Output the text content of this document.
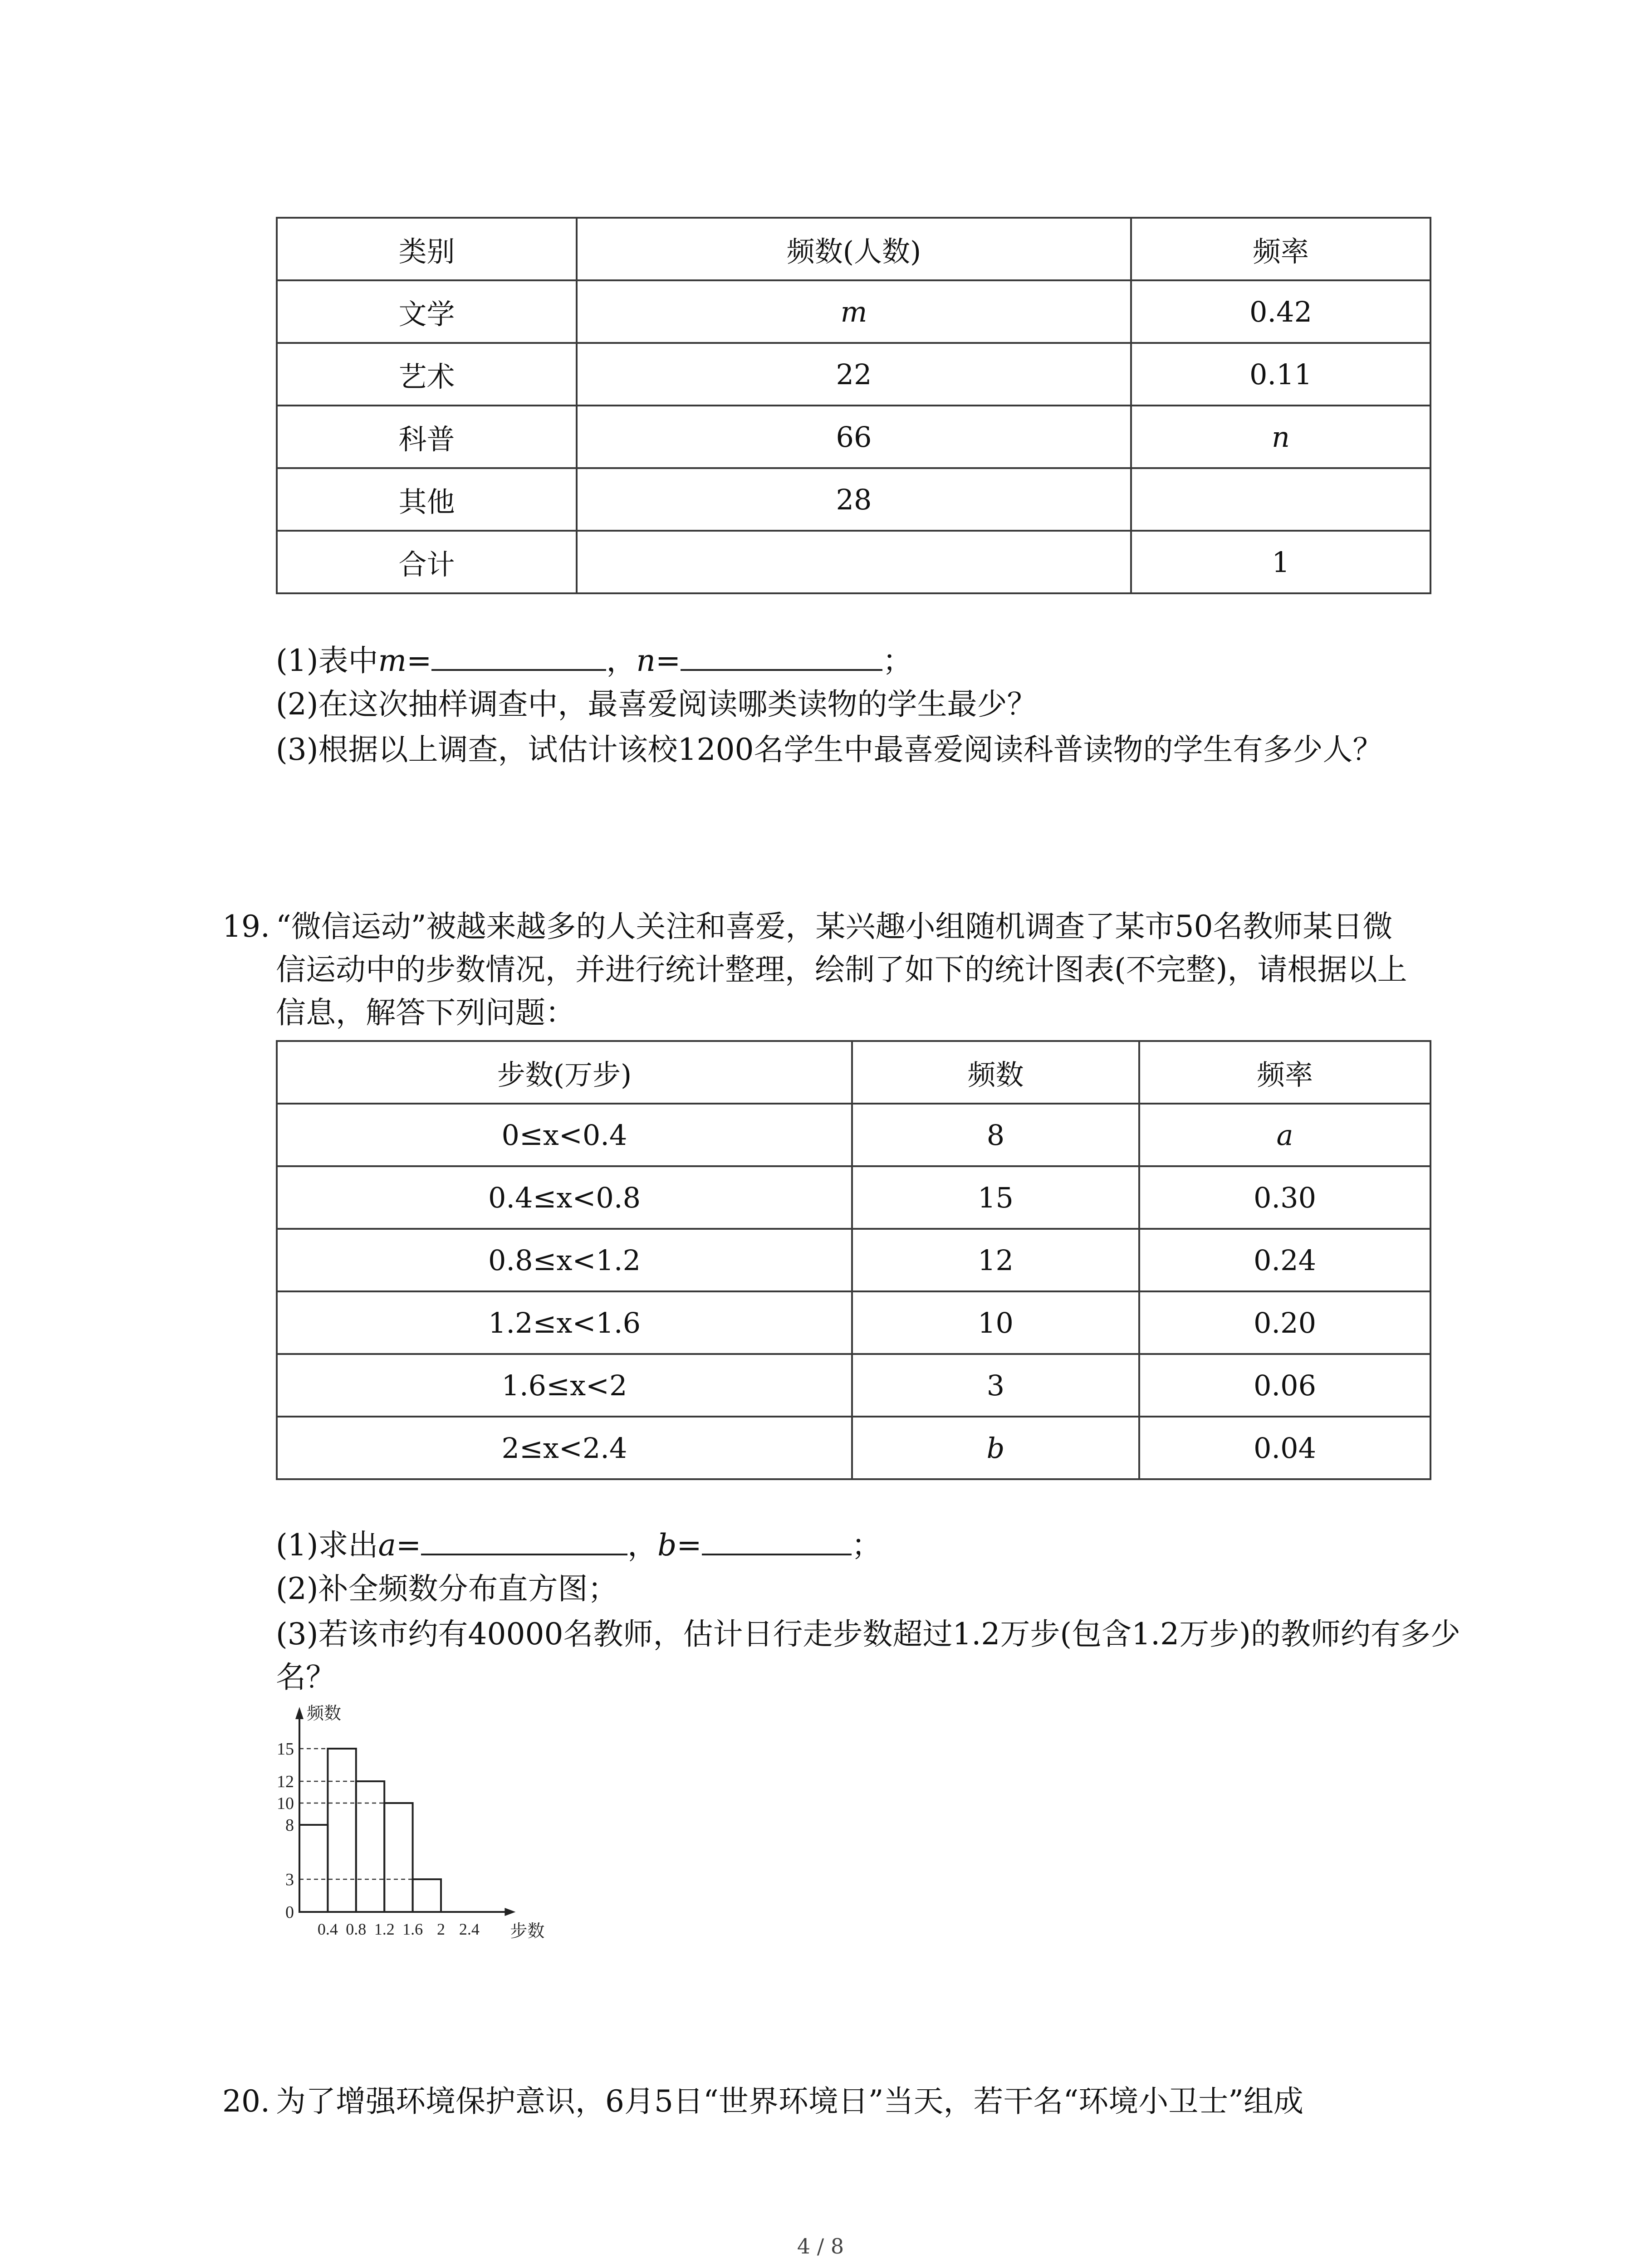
类别	频数(人数)	频率
文学	m	0.42
艺术	22	0.11
科普	66	n
其他	28	
合计		1
(1)表中m=	，n=	；
(2)在这次抽样调查中，最喜爱阅读哪类读物的学生最少？
(3)根据以上调查，试估计该校1200名学生中最喜爱阅读科普读物的学生有多少人？
19. “微信运动”被越来越多的人关注和喜爱，某兴趣小组随机调查了某市50名教师某日微
信运动中的步数情况，并进行统计整理，绘制了如下的统计图表(不完整)，请根据以上
信息，解答下列问题：
步数(万步)	频数	频率
0≤x<0.4	8	a
0.4≤x<0.8	15	0.30
0.8≤x<1.2	12	0.24
1.2≤x<1.6	10	0.20
1.6≤x<2	3	0.06
2≤x<2.4	b	0.04
(1)求出a=	，b=	；
(2)补全频数分布直方图；
(3)若该市约有40000名教师，估计日行走步数超过1.2万步(包含1.2万步)的教师约有多少
名？
15
12
10
8
3
0
0.4 0.8 1.2 1.6 2 2.4
频数
步数
20. 为了增强环境保护意识，6月5日“世界环境日”当天，若干名“环境小卫士”组成
4 / 8
